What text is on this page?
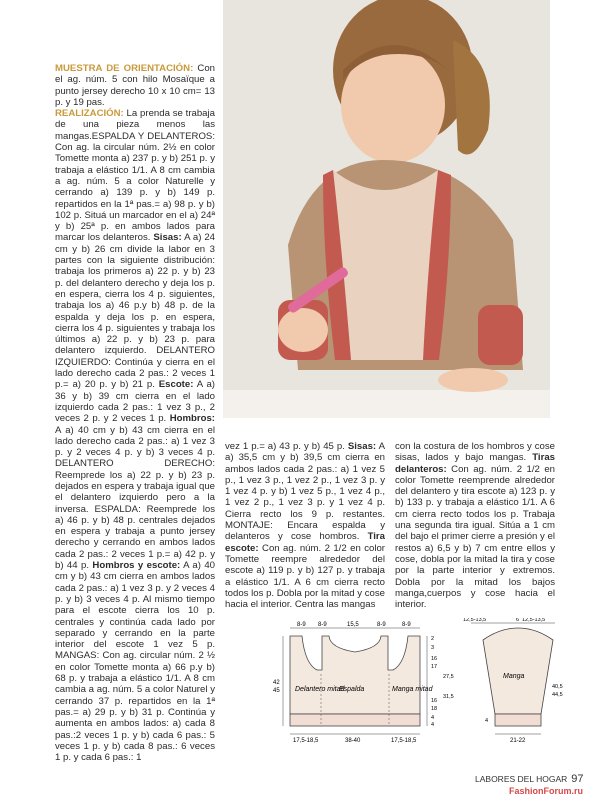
MUESTRA DE ORIENTACIÓN: Con el ag. núm. 5 con hilo Mosaïque a punto jersey derecho 10 x 10 cm= 13 p. y 19 pas.

REALIZACIÓN: La prenda se trabaja de una pieza menos las mangas.ESPALDA Y DELANTEROS: Con ag. la circular núm. 2½ en color Tomette monta a) 237 p. y b) 251 p. y trabaja a elástico 1/1. A 8 cm cambia a ag. núm. 5 a color Naturelle y cerrando a) 139 p. y b) 149 p. repartidos en la 1ª pas.= a) 98 p. y b) 102 p. Situá un marcador en el a) 24ª y b) 25ª p. en ambos lados para marcar los delanteros. Sisas: A a) 24 cm y b) 26 cm divide la labor en 3 partes con la siguiente distribución: trabaja los primeros a) 22 p. y b) 23 p. del delantero derecho y deja los p. en espera, cierra los 4 p. siguientes, trabaja los a) 46 p.y b) 48 p. de la espalda y deja los p. en espera, cierra los 4 p. siguientes y trabaja los últimos a) 22 p. y b) 23 p. para delantero izquierdo. DELANTERO IZQUIERDO: Continúa y cierra en el lado derecho cada 2 pas.: 2 veces 1 p.= a) 20 p. y b) 21 p. Escote: A a) 36 y b) 39 cm cierra en el lado izquierdo cada 2 pas.: 1 vez 3 p., 2 veces 2 p. y 2 veces 1 p. Hombros: A a) 40 cm y b) 43 cm cierra en el lado derecho cada 2 pas.: a) 1 vez 3 p. y 2 veces 4 p. y b) 3 veces 4 p. DELANTERO DERECHO: Reemprede los a) 22 p. y b) 23 p. dejados en espera y trabaja igual que el delantero izquierdo pero a la inversa. ESPALDA: Reemprede los a) 46 p. y b) 48 p. centrales dejados en espera y trabaja a punto jersey derecho y cerrando en ambos lados cada 2 pas.: 2 veces 1 p.= a) 42 p. y b) 44 p. Hombros y escote: A a) 40 cm y b) 43 cm cierra en ambos lados cada 2 pas.: a) 1 vez 3 p. y 2 veces 4 p. y b) 3 veces 4 p. Al mismo tiempo para el escote cierra los 10 p. centrales y continúa cada lado por separado y cerrando en la parte interior del escote 1 vez 5 p. MANGAS: Con ag. circular núm. 2 ½ en color Tomette monta a) 66 p.y b) 68 p. y trabaja a elástico 1/1. A 8 cm cambia a ag. núm. 5 a color Naturel y cerrando 37 p. repartidos en la 1ª pas.= a) 29 p. y b) 31 p. Continúa y aumenta en ambos lados: a) cada 8 pas.:2 veces 1 p. y b) cada 6 pas.: 5 veces 1 p. y b) cada 8 pas.: 6 veces 1 p. y cada 6 pas.: 1

vez 1 p.= a) 43 p. y b) 45 p. Sisas: A a) 35,5 cm y b) 39,5 cm cierra en ambos lados cada 2 pas.: a) 1 vez 5 p., 1 vez 3 p., 1 vez 2 p., 1 vez 3 p. y 1 vez 4 p. y b) 1 vez 5 p., 1 vez 4 p., 1 vez 2 p., 1 vez 3 p. y 1 vez 4 p. Cierra recto los 9 p. restantes. MONTAJE: Encara espalda y delanteros y cose hombros. Tira escote: Con ag. núm. 2 1/2 en color Tomette reempre alrededor del escote a) 119 p. y b) 127 p. y trabaja a elástico 1/1. A 6 cm cierra recto todos los p. Dobla por la mitad y cose hacia el interior. Centra las mangas

con la costura de los hombros y cose sisas, lados y bajo mangas. Tiras delanteros: Con ag. núm. 2 1/2 en color Tomette reemprende alrededor del delantero y tira escote a) 123 p. y b) 133 p. y trabaja a elástico 1/1. A 6 cm cierra recto todos los p. Trabaja una segunda tira igual. Sitúa a 1 cm del bajo el primer cierre a presión y el restos a) 6,5 y b) 7 cm entre ellos y cose, dobla por la mitad la tira y cose por la parte interior y extremos. Dobla por la mitad los bajos manga,cuerpos y cose hacia el interior.

8-9 8-9	15,5	8-9	8-9
42
45 Delantero mitad
Espalda	Manga mitad
2
3
16
17
27,5
31,5
16
18
4
4
17,5-18,5	38-40	17,5-18,5
Manga
12,5-13,5	6 12,5-13,5
40,5
44,5
4
21-22
LABORES DEL HOGAR 97
FashionForum.ru
